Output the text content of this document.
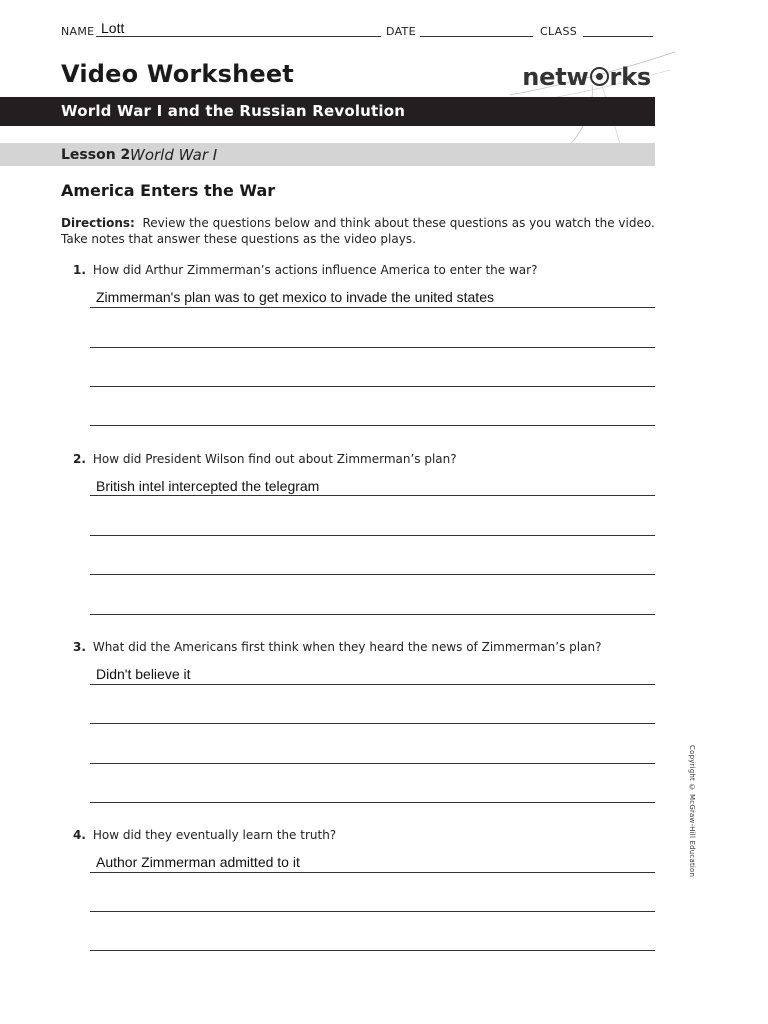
NAME Lott	DATE	CLASS
Video Worksheet	netw rks
World War I and the Russian Revolution
Lesson 2 World War I
America Enters the War
Directions: Review the questions below and think about these questions as you watch the video. Take notes that answer these questions as the video plays.
1. How did Arthur Zimmerman’s actions influence America to enter the war?
Zimmerman's plan was to get mexico to invade the united states
2. How did President Wilson find out about Zimmerman’s plan?
British intel intercepted the telegram
3. What did the Americans first think when they heard the news of Zimmerman’s plan?
Didn't believe it
4. How did they eventually learn the truth?
Author Zimmerman admitted to it	Copyright © McGraw-Hill Education
